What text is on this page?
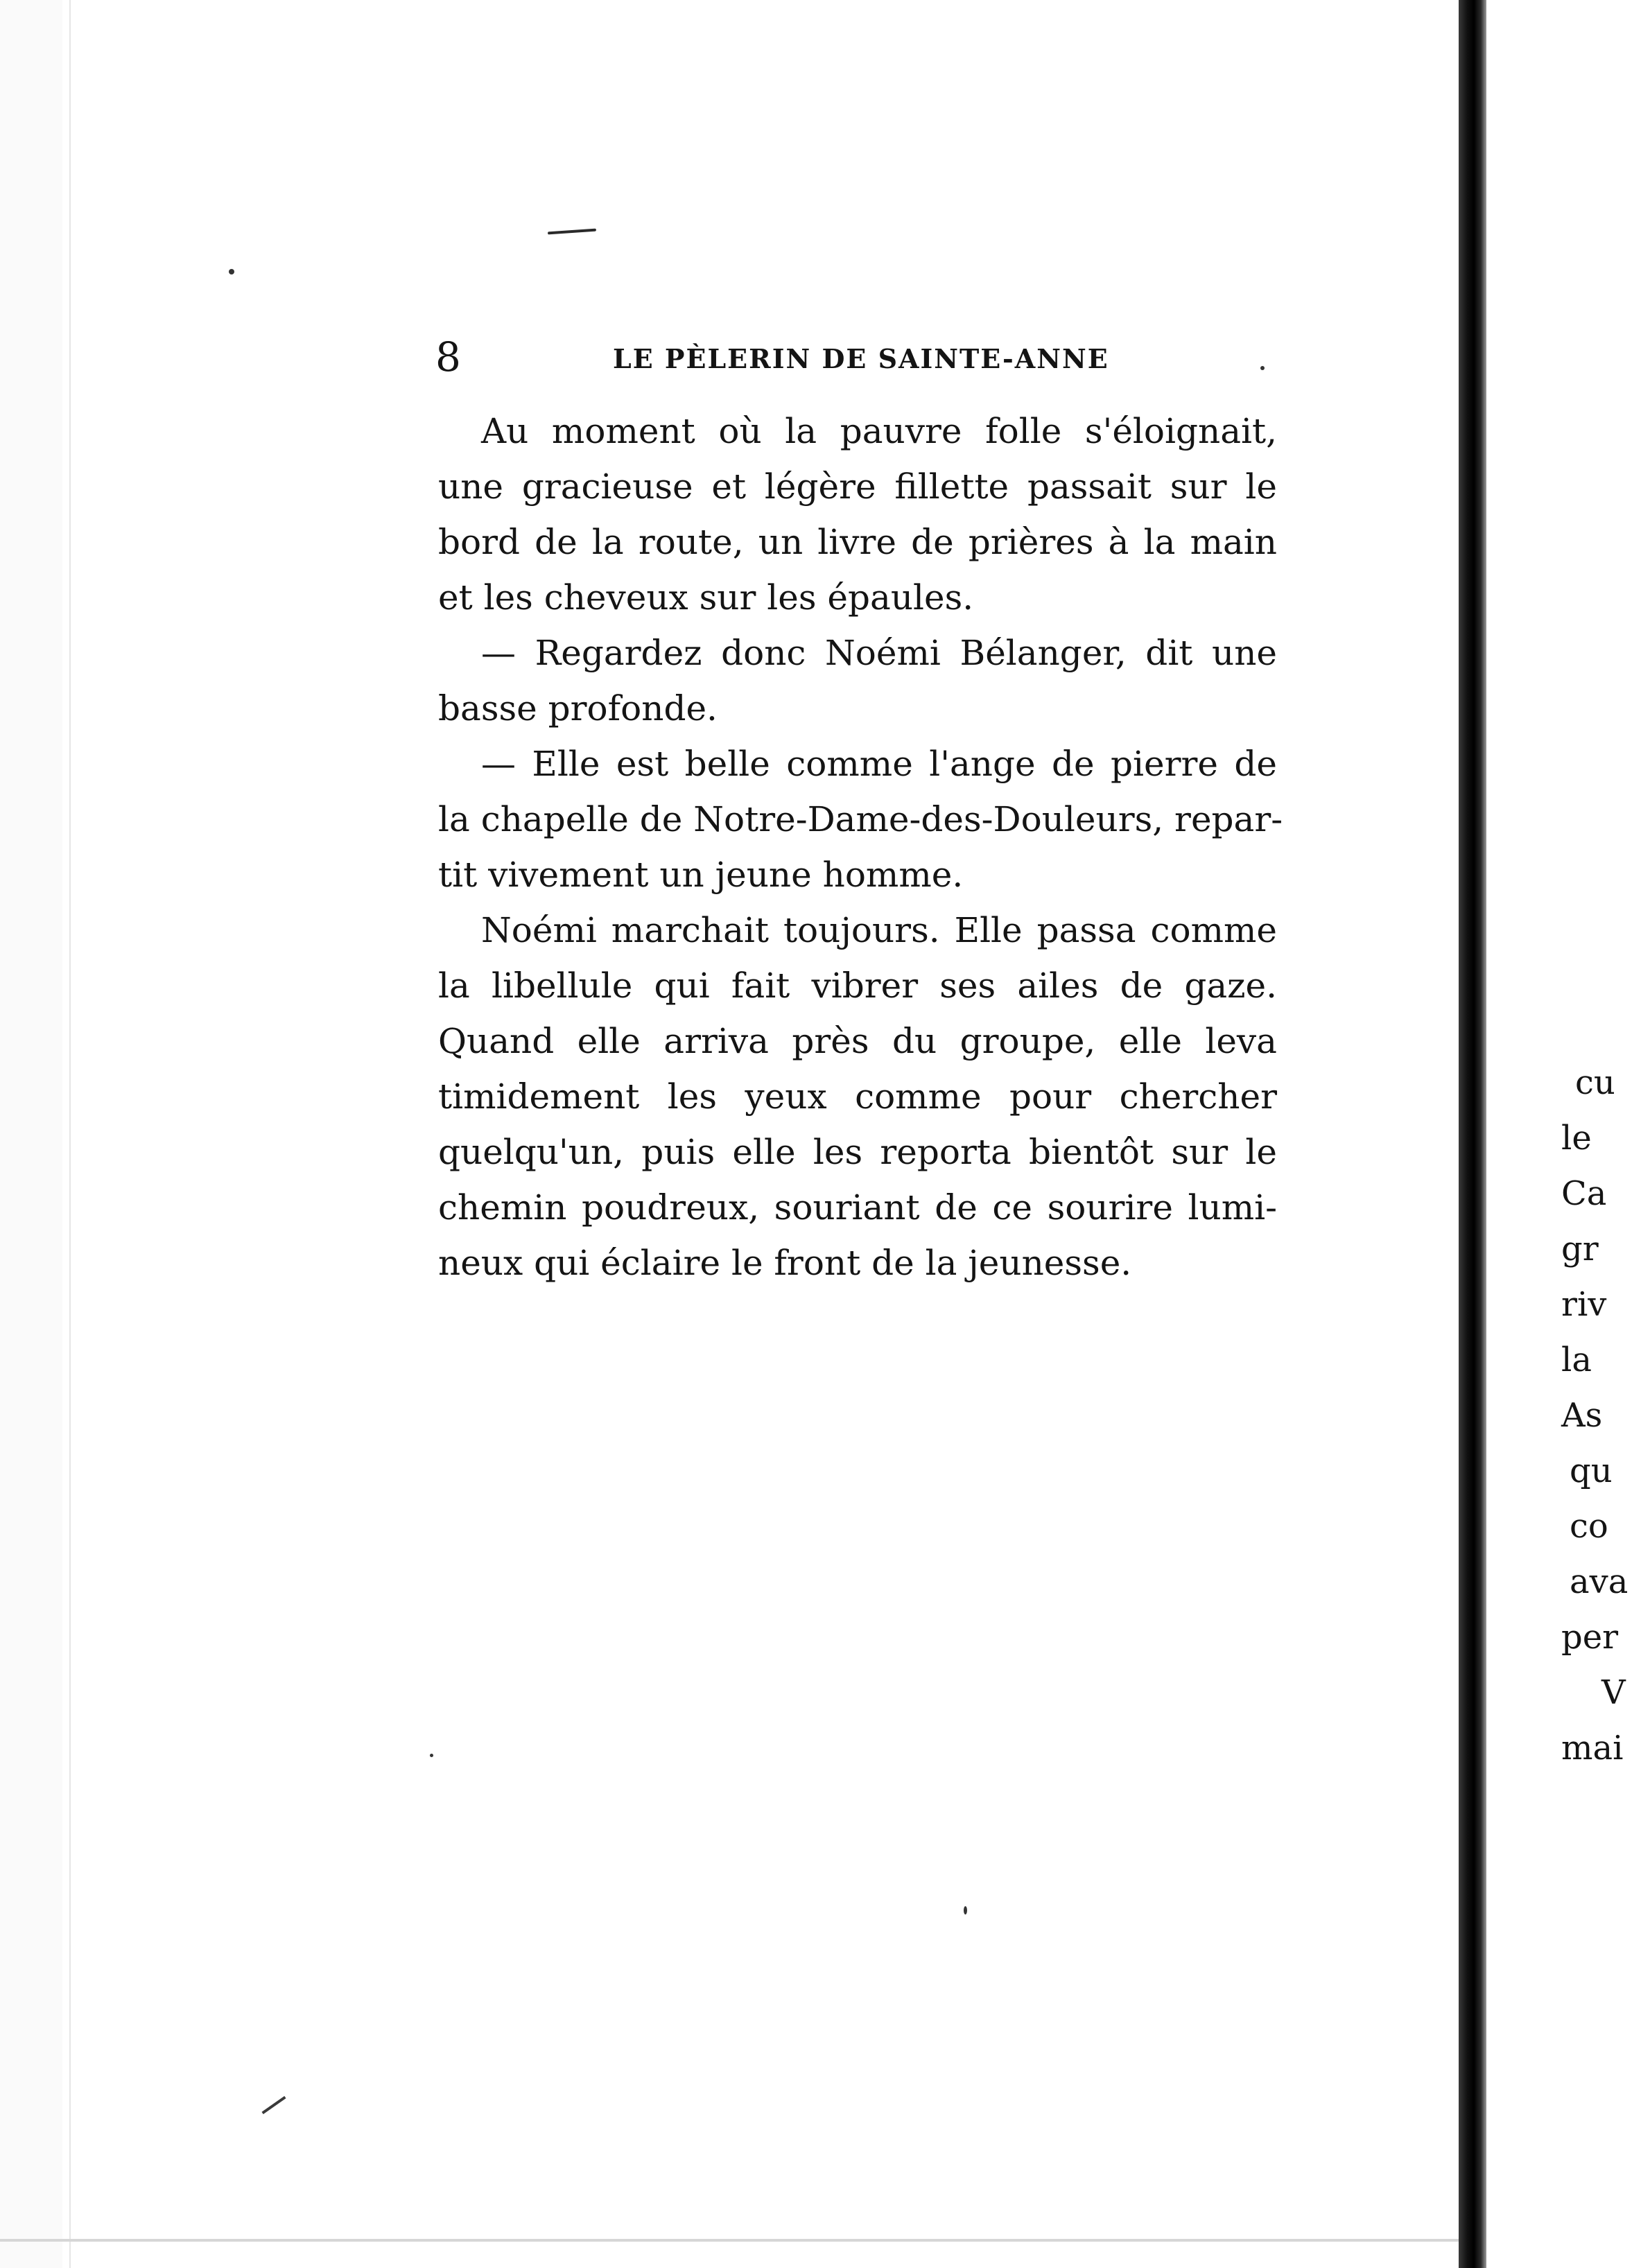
8	LE PÈLERIN DE SAINTE-ANNE
Au moment où la pauvre folle s'éloignait,
une gracieuse et légère fillette passait sur le
bord de la route, un livre de prières à la main
et les cheveux sur les épaules.
— Regardez donc Noémi Bélanger, dit une
basse profonde.
— Elle est belle comme l'ange de pierre de
la chapelle de Notre-Dame-des-Douleurs, repar-
tit vivement un jeune homme.
Noémi marchait toujours. Elle passa comme
la libellule qui fait vibrer ses ailes de gaze.
Quand elle arriva près du groupe, elle leva
timidement les yeux comme pour chercher
quelqu'un, puis elle les reporta bientôt sur le
chemin poudreux, souriant de ce sourire lumi-
neux qui éclaire le front de la jeunesse.
cu
le
Ca
gr
riv
la
As
qu
co
ava
per
V
mai
